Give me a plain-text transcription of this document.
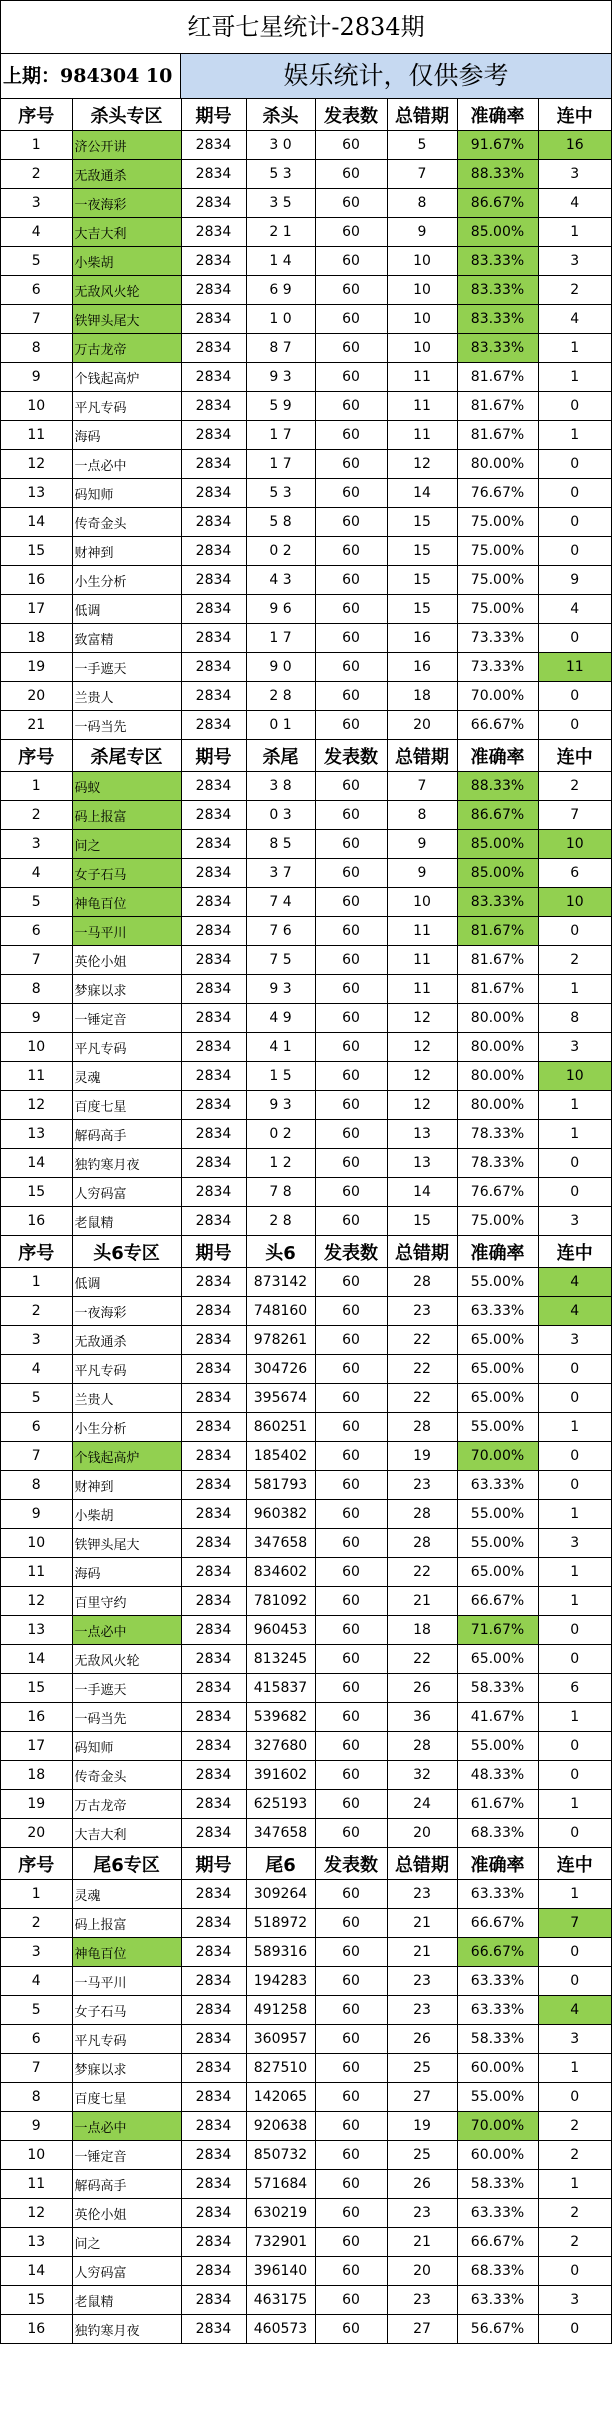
红哥七星统计-2834期
上期：984304 10	娱乐统计，仅供参考
序号	杀头专区	期号	杀头	发表数	总错期	准确率	连中
1	济公开讲	2834	3 0	60	5	91.67%	16
2	无敌通杀	2834	5 3	60	7	88.33%	3
3	一夜海彩	2834	3 5	60	8	86.67%	4
4	大吉大利	2834	2 1	60	9	85.00%	1
5	小柴胡	2834	1 4	60	10	83.33%	3
6	无敌风火轮	2834	6 9	60	10	83.33%	2
7	铁钾头尾大	2834	1 0	60	10	83.33%	4
8	万古龙帝	2834	8 7	60	10	83.33%	1
9	个钱起高炉	2834	9 3	60	11	81.67%	1
10	平凡专码	2834	5 9	60	11	81.67%	0
11	海码	2834	1 7	60	11	81.67%	1
12	一点必中	2834	1 7	60	12	80.00%	0
13	码知师	2834	5 3	60	14	76.67%	0
14	传奇金头	2834	5 8	60	15	75.00%	0
15	财神到	2834	0 2	60	15	75.00%	0
16	小生分析	2834	4 3	60	15	75.00%	9
17	低调	2834	9 6	60	15	75.00%	4
18	致富精	2834	1 7	60	16	73.33%	0
19	一手遮天	2834	9 0	60	16	73.33%	11
20	兰贵人	2834	2 8	60	18	70.00%	0
21	一码当先	2834	0 1	60	20	66.67%	0
序号	杀尾专区	期号	杀尾	发表数	总错期	准确率	连中
1	码蚁	2834	3 8	60	7	88.33%	2
2	码上报富	2834	0 3	60	8	86.67%	7
3	问之	2834	8 5	60	9	85.00%	10
4	女子石马	2834	3 7	60	9	85.00%	6
5	神龟百位	2834	7 4	60	10	83.33%	10
6	一马平川	2834	7 6	60	11	81.67%	0
7	英伦小姐	2834	7 5	60	11	81.67%	2
8	梦寐以求	2834	9 3	60	11	81.67%	1
9	一锤定音	2834	4 9	60	12	80.00%	8
10	平凡专码	2834	4 1	60	12	80.00%	3
11	灵魂	2834	1 5	60	12	80.00%	10
12	百度七星	2834	9 3	60	12	80.00%	1
13	解码高手	2834	0 2	60	13	78.33%	1
14	独钓寒月夜	2834	1 2	60	13	78.33%	0
15	人穷码富	2834	7 8	60	14	76.67%	0
16	老鼠精	2834	2 8	60	15	75.00%	3
序号	头6专区	期号	头6	发表数	总错期	准确率	连中
1	低调	2834	873142	60	28	55.00%	4
2	一夜海彩	2834	748160	60	23	63.33%	4
3	无敌通杀	2834	978261	60	22	65.00%	3
4	平凡专码	2834	304726	60	22	65.00%	0
5	兰贵人	2834	395674	60	22	65.00%	0
6	小生分析	2834	860251	60	28	55.00%	1
7	个钱起高炉	2834	185402	60	19	70.00%	0
8	财神到	2834	581793	60	23	63.33%	0
9	小柴胡	2834	960382	60	28	55.00%	1
10	铁钾头尾大	2834	347658	60	28	55.00%	3
11	海码	2834	834602	60	22	65.00%	1
12	百里守约	2834	781092	60	21	66.67%	1
13	一点必中	2834	960453	60	18	71.67%	0
14	无敌风火轮	2834	813245	60	22	65.00%	0
15	一手遮天	2834	415837	60	26	58.33%	6
16	一码当先	2834	539682	60	36	41.67%	1
17	码知师	2834	327680	60	28	55.00%	0
18	传奇金头	2834	391602	60	32	48.33%	0
19	万古龙帝	2834	625193	60	24	61.67%	1
20	大吉大利	2834	347658	60	20	68.33%	0
序号	尾6专区	期号	尾6	发表数	总错期	准确率	连中
1	灵魂	2834	309264	60	23	63.33%	1
2	码上报富	2834	518972	60	21	66.67%	7
3	神龟百位	2834	589316	60	21	66.67%	0
4	一马平川	2834	194283	60	23	63.33%	0
5	女子石马	2834	491258	60	23	63.33%	4
6	平凡专码	2834	360957	60	26	58.33%	3
7	梦寐以求	2834	827510	60	25	60.00%	1
8	百度七星	2834	142065	60	27	55.00%	0
9	一点必中	2834	920638	60	19	70.00%	2
10	一锤定音	2834	850732	60	25	60.00%	2
11	解码高手	2834	571684	60	26	58.33%	1
12	英伦小姐	2834	630219	60	23	63.33%	2
13	问之	2834	732901	60	21	66.67%	2
14	人穷码富	2834	396140	60	20	68.33%	0
15	老鼠精	2834	463175	60	23	63.33%	3
16	独钓寒月夜	2834	460573	60	27	56.67%	0
